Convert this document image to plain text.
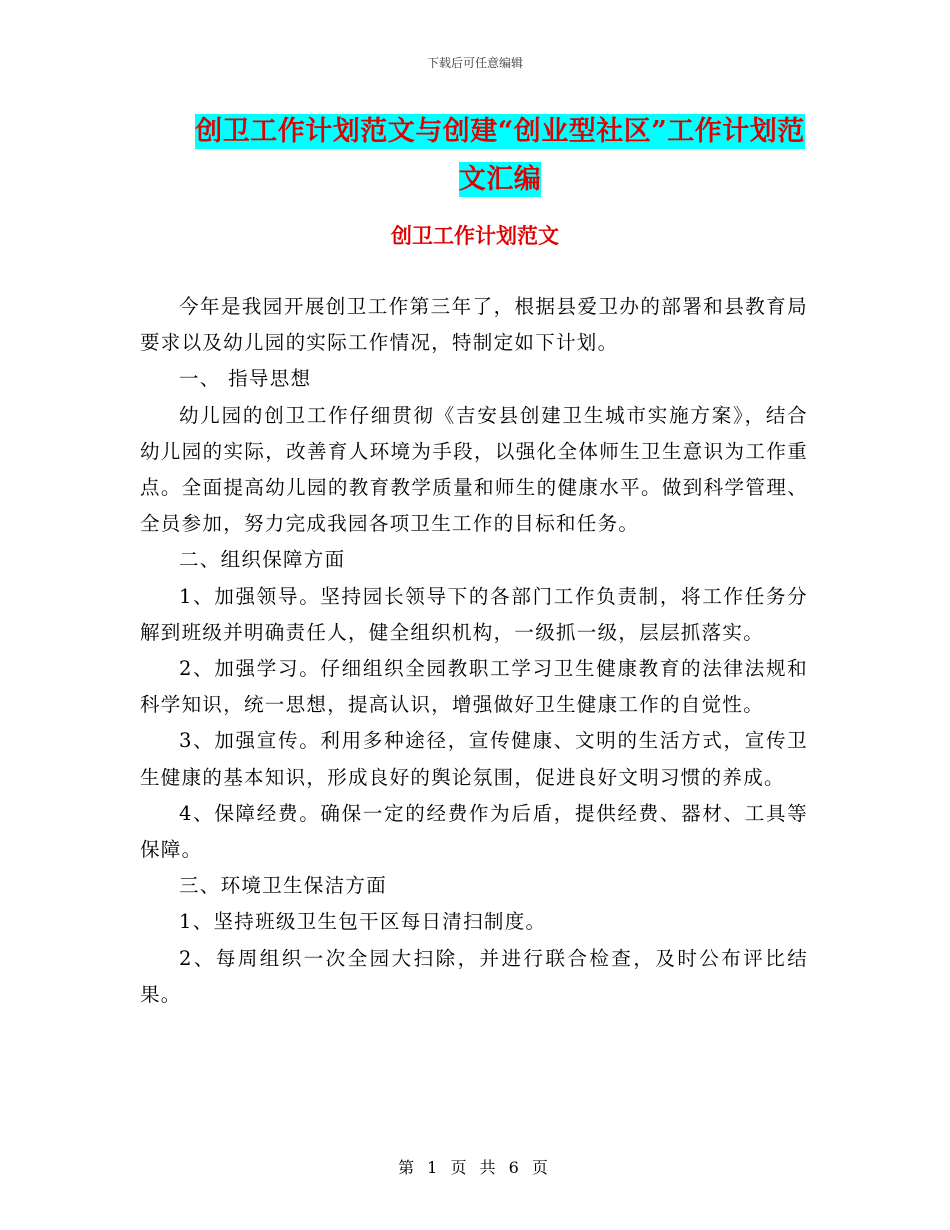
下载后可任意编辑
创卫工作计划范文与创建“创业型社区”工作计划范文汇编
创卫工作计划范文

今年是我园开展创卫工作第三年了，根据县爱卫办的部署和县教育局要求以及幼儿园的实际工作情况，特制定如下计划。

一、 指导思想

幼儿园的创卫工作仔细贯彻《吉安县创建卫生城市实施方案》，结合幼儿园的实际，改善育人环境为手段，以强化全体师生卫生意识为工作重点。全面提高幼儿园的教育教学质量和师生的健康水平。做到科学管理、全员参加，努力完成我园各项卫生工作的目标和任务。

二、组织保障方面

1、加强领导。坚持园长领导下的各部门工作负责制，将工作任务分解到班级并明确责任人，健全组织机构，一级抓一级，层层抓落实。

2、加强学习。仔细组织全园教职工学习卫生健康教育的法律法规和科学知识，统一思想，提高认识，增强做好卫生健康工作的自觉性。

3、加强宣传。利用多种途径，宣传健康、文明的生活方式，宣传卫生健康的基本知识，形成良好的舆论氛围，促进良好文明习惯的养成。

4、保障经费。确保一定的经费作为后盾，提供经费、器材、工具等保障。

三、环境卫生保洁方面

1、坚持班级卫生包干区每日清扫制度。

2、每周组织一次全园大扫除，并进行联合检查，及时公布评比结果。

第 1 页 共 6 页
